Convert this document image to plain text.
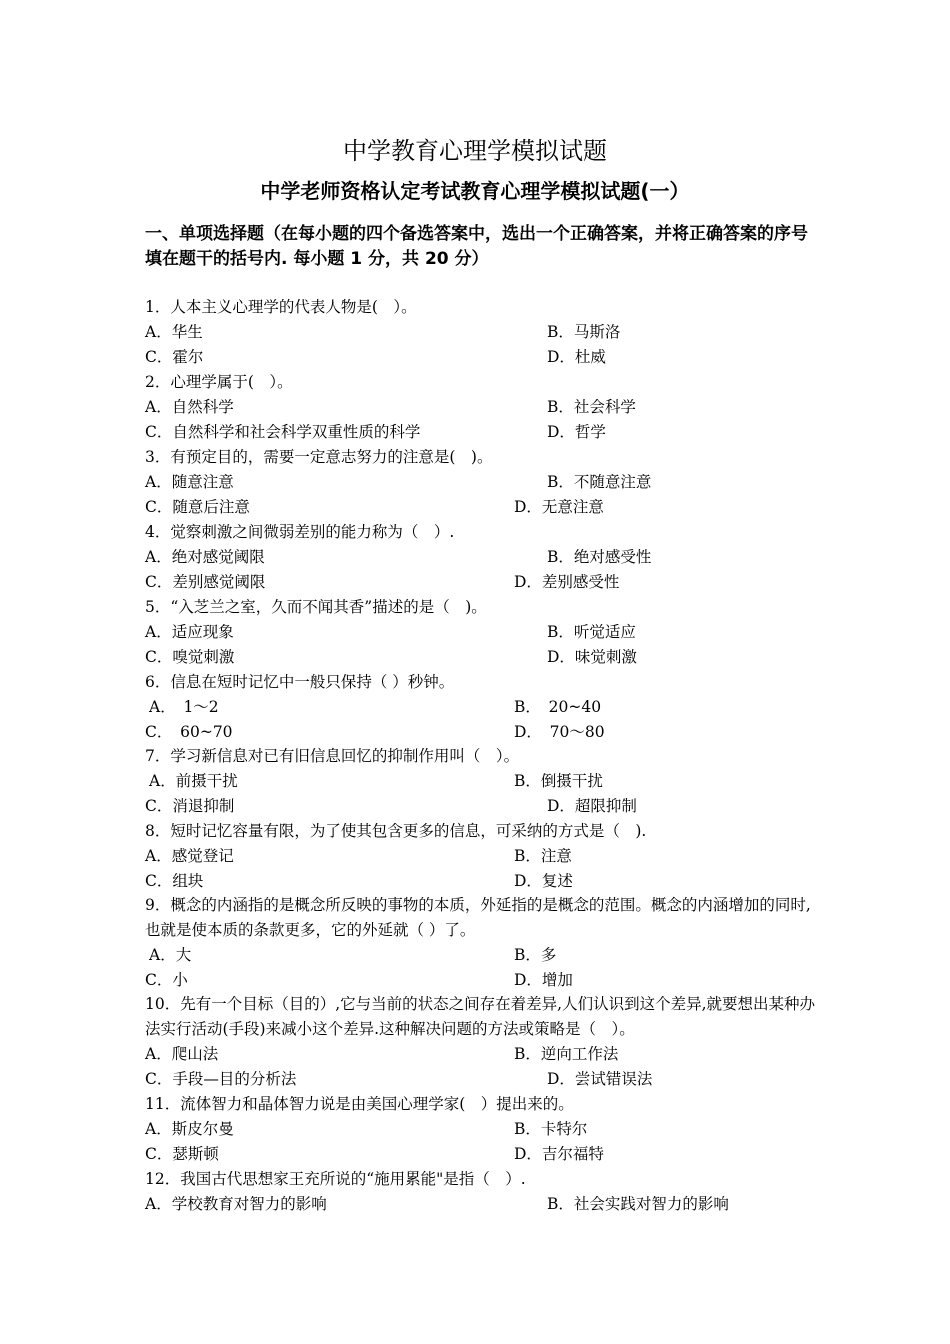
中学教育心理学模拟试题
中学老师资格认定考试教育心理学模拟试题(一）
一、单项选择题（在每小题的四个备选答案中，选出一个正确答案，并将正确答案的序号填在题干的括号内. 每小题 1 分，共 20 分）
1．人本主义心理学的代表人物是(　）。
A．华生	B．马斯洛
C．霍尔	D．杜威
2．心理学属于(　）。
A．自然科学	B．社会科学
C．自然科学和社会科学双重性质的科学	D．哲学
3．有预定目的，需要一定意志努力的注意是(　)。
A．随意注意	B．不随意注意
C．随意后注意	D．无意注意
4．觉察刺激之间微弱差别的能力称为（　）.
A．绝对感觉阈限	B．绝对感受性
C．差别感觉阈限	D．差别感受性
5．“入芝兰之室，久而不闻其香”描述的是（　)。
A．适应现象	B．听觉适应
C．嗅觉刺激	D．味觉刺激
6．信息在短时记忆中一般只保持（ ）秒钟。
A．　1～2	B．　20~40
C．　60~70	D．　70～80
7．学习新信息对已有旧信息回忆的抑制作用叫（　）。
A．前摄干扰	B．倒摄干扰
C．消退抑制	D．超限抑制
8．短时记忆容量有限，为了使其包含更多的信息，可采纳的方式是（　).
A．感觉登记	B．注意
C．组块	D．复述
9．概念的内涵指的是概念所反映的事物的本质，外延指的是概念的范围。概念的内涵增加的同时,也就是使本质的条款更多，它的外延就（ ）了。
A．大	B．多
C．小	D．增加
10．先有一个目标（目的）,它与当前的状态之间存在着差异,人们认识到这个差异,就要想出某种办法实行活动(手段)来减小这个差异.这种解决问题的方法或策略是（　）。
A．爬山法	B．逆向工作法
C．手段—目的分析法	D．尝试错误法
11．流体智力和晶体智力说是由美国心理学家(　）提出来的。
A．斯皮尔曼	B．卡特尔
C．瑟斯顿	D．吉尔福特
12．我国古代思想家王充所说的“施用累能"是指（　）.
A．学校教育对智力的影响	B．社会实践对智力的影响
